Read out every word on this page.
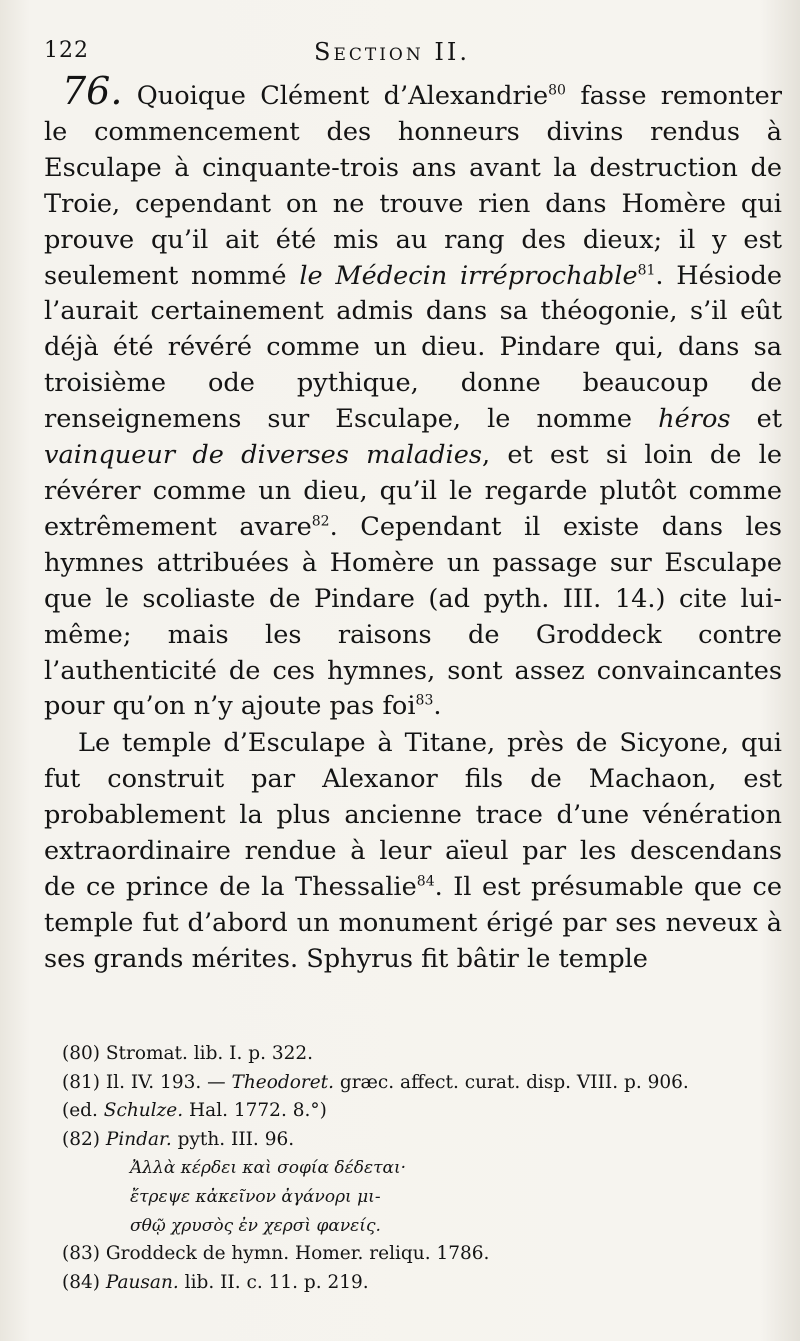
122	Section II.

76. Quoique Clément d’Alexandrie$^{80}$ fasse remonter le commencement des honneurs divins rendus à Esculape à cinquante-trois ans avant la destruction de Troie, cependant on ne trouve rien dans Homère qui prouve qu’il ait été mis au rang des dieux; il y est seulement nommé le Médecin irréprochable$^{81}$. Hésiode l’aurait certainement admis dans sa théogonie, s’il eût déjà été révéré comme un dieu. Pindare qui, dans sa troisième ode pythique, donne beaucoup de renseignemens sur Esculape, le nomme héros et vainqueur de diverses maladies, et est si loin de le révérer comme un dieu, qu’il le regarde plutôt comme extrêmement avare$^{82}$. Cependant il existe dans les hymnes attribuées à Homère un passage sur Esculape que le scoliaste de Pindare (ad pyth. III. 14.) cite lui-même; mais les raisons de Groddeck contre l’authenticité de ces hymnes, sont assez convaincantes pour qu’on n’y ajoute pas foi$^{83}$.

Le temple d’Esculape à Titane, près de Sicyone, qui fut construit par Alexanor fils de Machaon, est probablement la plus ancienne trace d’une vénération extraordinaire rendue à leur aïeul par les descendans de ce prince de la Thessalie$^{84}$. Il est présumable que ce temple fut d’abord un monument érigé par ses neveux à ses grands mérites. Sphyrus fit bâtir le temple

(80) Stromat. lib. I. p. 322.
(81) Il. IV. 193. — Theodoret. græc. affect. curat. disp. VIII. p. 906.
(ed. Schulze. Hal. 1772. 8.°)
(82) Pindar. pyth. III. 96.
Ἀλλὰ κέρδει καὶ σοφία δέδεται·
ἔτρεψε κἀκεῖνον ἀγάνορι μι-
σθῷ χρυσὸς ἐν χερσὶ φανείς.
(83) Groddeck de hymn. Homer. reliqu. 1786.
(84) Pausan. lib. II. c. 11. p. 219.
